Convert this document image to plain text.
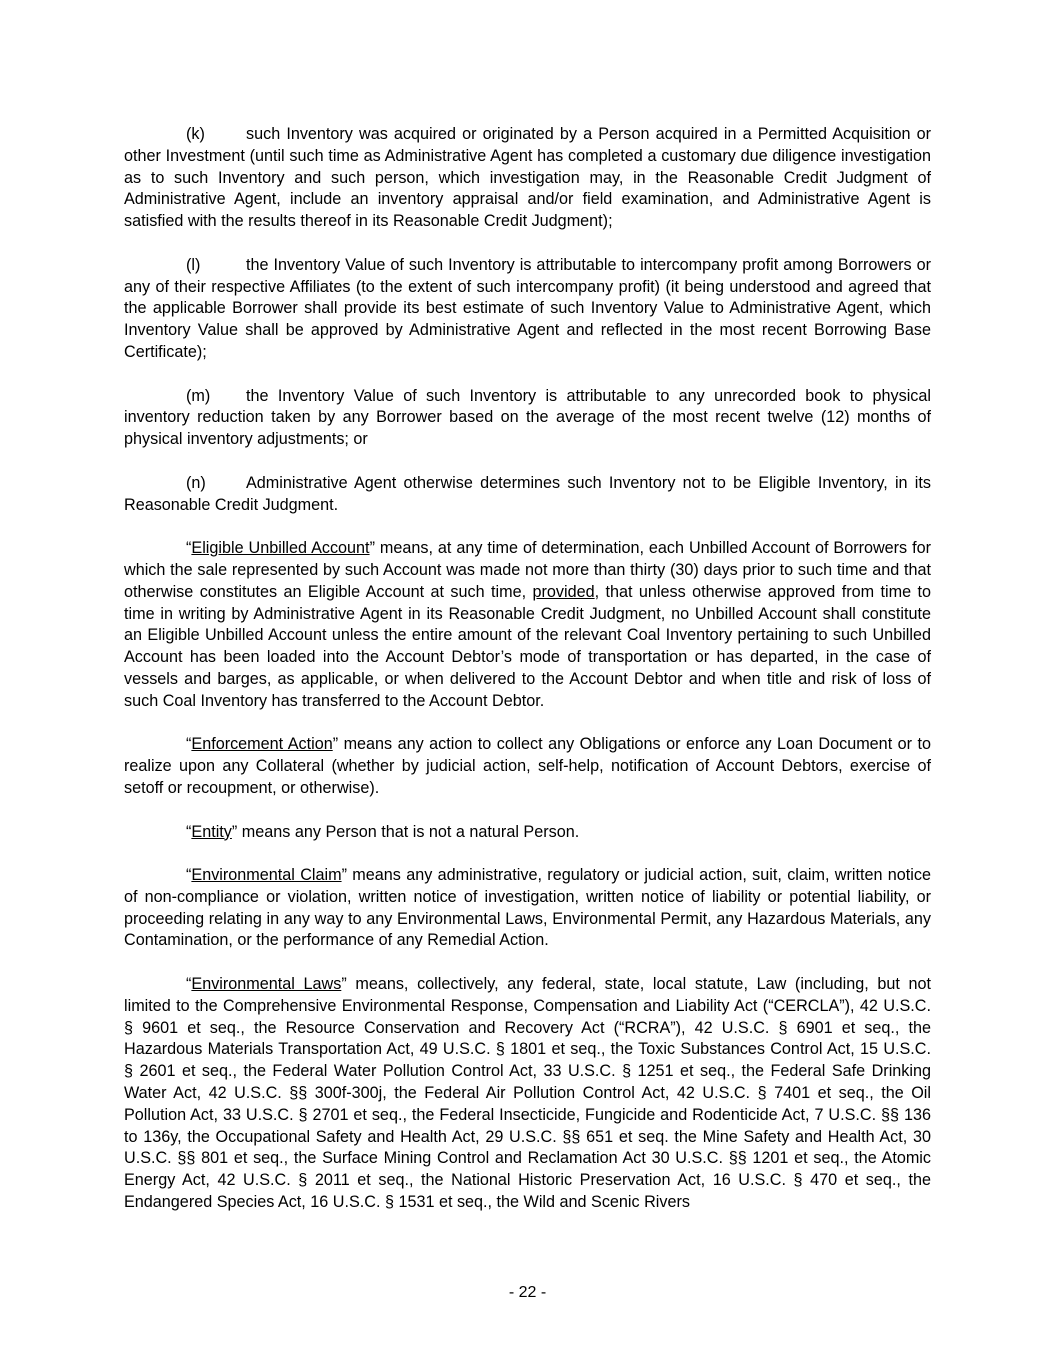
(k)	such Inventory was acquired or originated by a Person acquired in a Permitted Acquisition or other Investment (until such time as Administrative Agent has completed a customary due diligence investigation as to such Inventory and such person, which investigation may, in the Reasonable Credit Judgment of Administrative Agent, include an inventory appraisal and/or field examination, and Administrative Agent is satisfied with the results thereof in its Reasonable Credit Judgment);

(l)	the Inventory Value of such Inventory is attributable to intercompany profit among Borrowers or any of their respective Affiliates (to the extent of such intercompany profit) (it being understood and agreed that the applicable Borrower shall provide its best estimate of such Inventory Value to Administrative Agent, which Inventory Value shall be approved by Administrative Agent and reflected in the most recent Borrowing Base Certificate);

(m) the Inventory Value of such Inventory is attributable to any unrecorded book to physical inventory reduction taken by any Borrower based on the average of the most recent twelve (12) months of physical inventory adjustments; or

(n) Administrative Agent otherwise determines such Inventory not to be Eligible Inventory, in its Reasonable Credit Judgment.

“Eligible Unbilled Account” means, at any time of determination, each Unbilled Account of Borrowers for which the sale represented by such Account was made not more than thirty (30) days prior to such time and that otherwise constitutes an Eligible Account at such time, provided, that unless otherwise approved from time to time in writing by Administrative Agent in its Reasonable Credit Judgment, no Unbilled Account shall constitute an Eligible Unbilled Account unless the entire amount of the relevant Coal Inventory pertaining to such Unbilled Account has been loaded into the Account Debtor’s mode of transportation or has departed, in the case of vessels and barges, as applicable, or when delivered to the Account Debtor and when title and risk of loss of such Coal Inventory has transferred to the Account Debtor.

“Enforcement Action” means any action to collect any Obligations or enforce any Loan Document or to realize upon any Collateral (whether by judicial action, self-help, notification of Account Debtors, exercise of setoff or recoupment, or otherwise).

“Entity” means any Person that is not a natural Person.

“Environmental Claim” means any administrative, regulatory or judicial action, suit, claim, written notice of non-compliance or violation, written notice of investigation, written notice of liability or potential liability, or proceeding relating in any way to any Environmental Laws, Environmental Permit, any Hazardous Materials, any Contamination, or the performance of any Remedial Action.

“Environmental Laws” means, collectively, any federal, state, local statute, Law (including, but not limited to the Comprehensive Environmental Response, Compensation and Liability Act (“CERCLA”), 42 U.S.C. § 9601 et seq., the Resource Conservation and Recovery Act (“RCRA”), 42 U.S.C. § 6901 et seq., the Hazardous Materials Transportation Act, 49 U.S.C. § 1801 et seq., the Toxic Substances Control Act, 15 U.S.C. § 2601 et seq., the Federal Water Pollution Control Act, 33 U.S.C. § 1251 et seq., the Federal Safe Drinking Water Act, 42 U.S.C. §§ 300f-300j, the Federal Air Pollution Control Act, 42 U.S.C. § 7401 et seq., the Oil Pollution Act, 33 U.S.C. § 2701 et seq., the Federal Insecticide, Fungicide and Rodenticide Act, 7 U.S.C. §§ 136 to 136y, the Occupational Safety and Health Act, 29 U.S.C. §§ 651 et seq. the Mine Safety and Health Act, 30 U.S.C. §§ 801 et seq., the Surface Mining Control and Reclamation Act 30 U.S.C. §§ 1201 et seq., the Atomic Energy Act, 42 U.S.C. § 2011 et seq., the National Historic Preservation Act, 16 U.S.C. § 470 et seq., the Endangered Species Act, 16 U.S.C. § 1531 et seq., the Wild and Scenic Rivers

- 22 -
